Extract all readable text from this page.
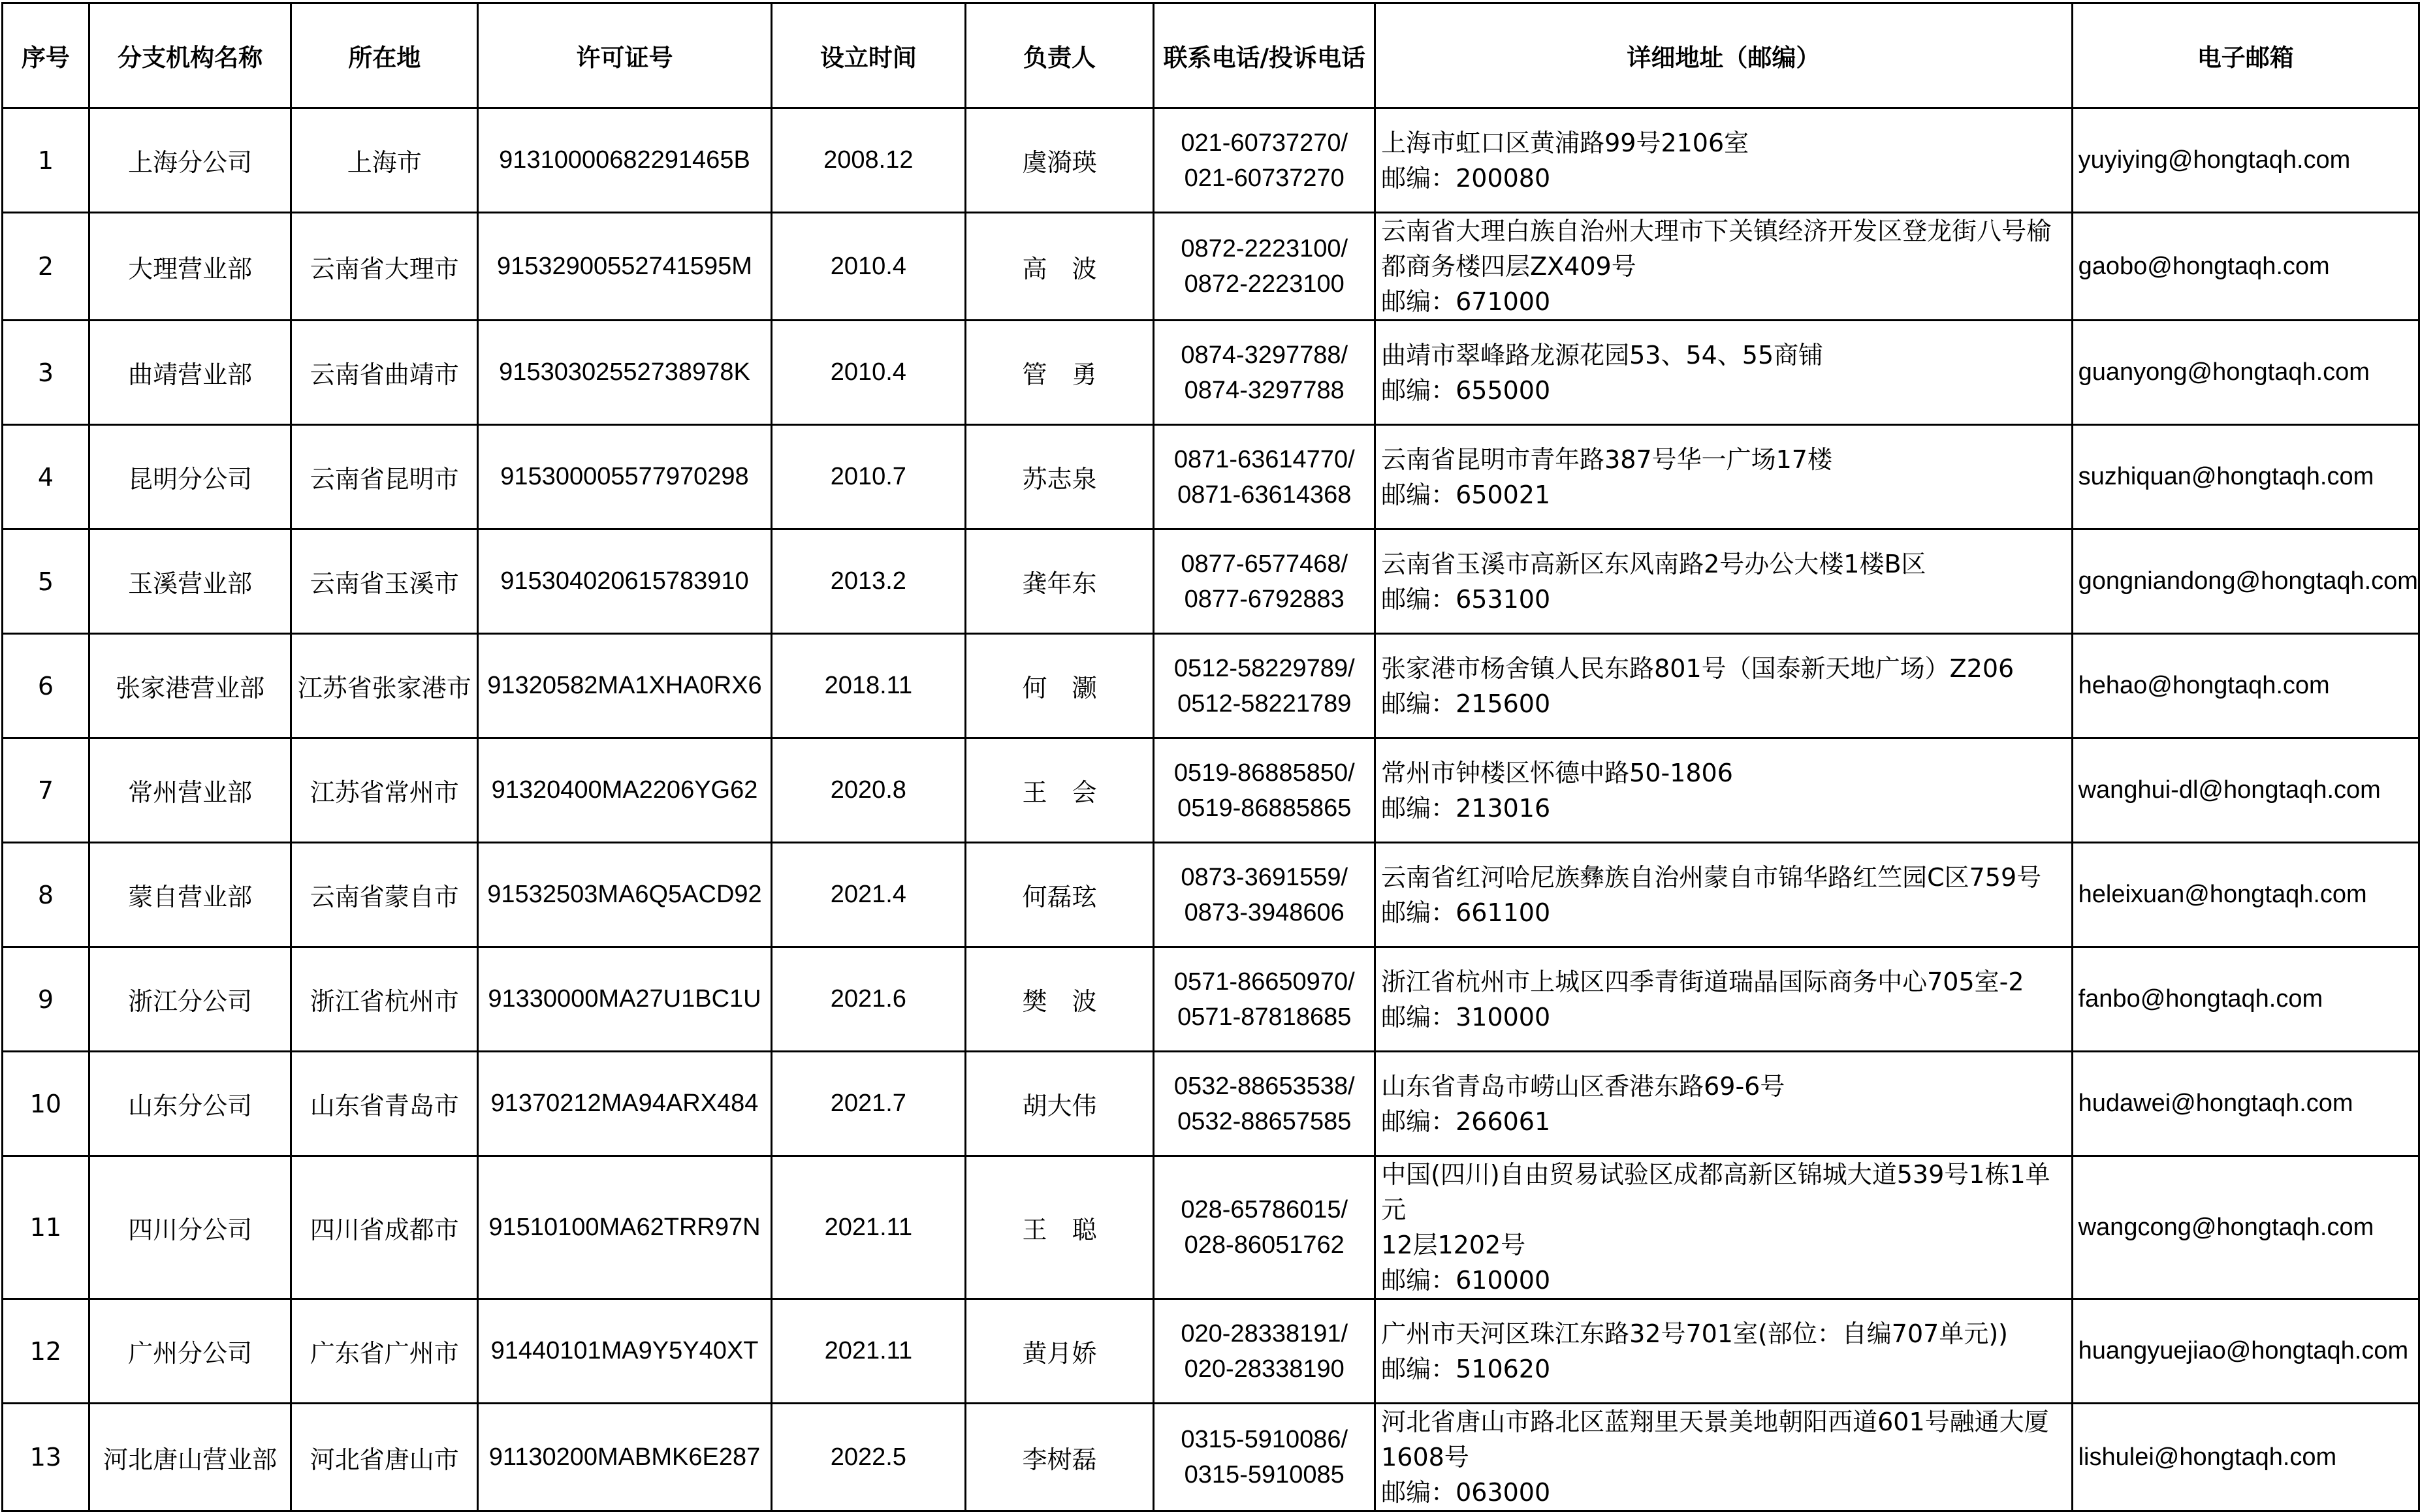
序号	分支机构名称	所在地	许可证号	设立时间	负责人	联系电话/投诉电话	详细地址（邮编）	电子邮箱
1	上海分公司	上海市	91310000682291465B	2008.12	虞漪瑛	021-60737270/
021-60737270	上海市虹口区黄浦路99号2106室
邮编：200080	yuyiying@hongtaqh.com
2	大理营业部	云南省大理市	91532900552741595M	2010.4	高　波	0872-2223100/
0872-2223100	云南省大理白族自治州大理市下关镇经济开发区登龙街八号榆
都商务楼四层ZX409号
邮编：671000	gaobo@hongtaqh.com
3	曲靖营业部	云南省曲靖市	91530302552738978K	2010.4	管　勇	0874-3297788/
0874-3297788	曲靖市翠峰路龙源花园53、54、55商铺
邮编：655000	guanyong@hongtaqh.com
4	昆明分公司	云南省昆明市	915300005577970298	2010.7	苏志泉	0871-63614770/
0871-63614368	云南省昆明市青年路387号华一广场17楼
邮编：650021	suzhiquan@hongtaqh.com
5	玉溪营业部	云南省玉溪市	915304020615783910	2013.2	龚年东	0877-6577468/
0877-6792883	云南省玉溪市高新区东风南路2号办公大楼1楼B区
邮编：653100	gongniandong@hongtaqh.com
6	张家港营业部	江苏省张家港市	91320582MA1XHA0RX6	2018.11	何　灏	0512-58229789/
0512-58221789	张家港市杨舍镇人民东路801号（国泰新天地广场）Z206
邮编：215600	hehao@hongtaqh.com
7	常州营业部	江苏省常州市	91320400MA2206YG62	2020.8	王　会	0519-86885850/
0519-86885865	常州市钟楼区怀德中路50-1806
邮编：213016	wanghui-dl@hongtaqh.com
8	蒙自营业部	云南省蒙自市	91532503MA6Q5ACD92	2021.4	何磊玹	0873-3691559/
0873-3948606	云南省红河哈尼族彝族自治州蒙自市锦华路红竺园C区759号
邮编：661100	heleixuan@hongtaqh.com
9	浙江分公司	浙江省杭州市	91330000MA27U1BC1U	2021.6	樊　波	0571-86650970/
0571-87818685	浙江省杭州市上城区四季青街道瑞晶国际商务中心705室-2
邮编：310000	fanbo@hongtaqh.com
10	山东分公司	山东省青岛市	91370212MA94ARX484	2021.7	胡大伟	0532-88653538/
0532-88657585	山东省青岛市崂山区香港东路69-6号
邮编：266061	hudawei@hongtaqh.com
11	四川分公司	四川省成都市	91510100MA62TRR97N	2021.11	王　聪	028-65786015/
028-86051762	中国(四川)自由贸易试验区成都高新区锦城大道539号1栋1单元
12层1202号
邮编：610000	wangcong@hongtaqh.com
12	广州分公司	广东省广州市	91440101MA9Y5Y40XT	2021.11	黄月娇	020-28338191/
020-28338190	广州市天河区珠江东路32号701室(部位：自编707单元))
邮编：510620	huangyuejiao@hongtaqh.com
13	河北唐山营业部	河北省唐山市	91130200MABMK6E287	2022.5	李树磊	0315-5910086/
0315-5910085	河北省唐山市路北区蓝翔里天景美地朝阳西道601号融通大厦
1608号
邮编：063000	lishulei@hongtaqh.com
